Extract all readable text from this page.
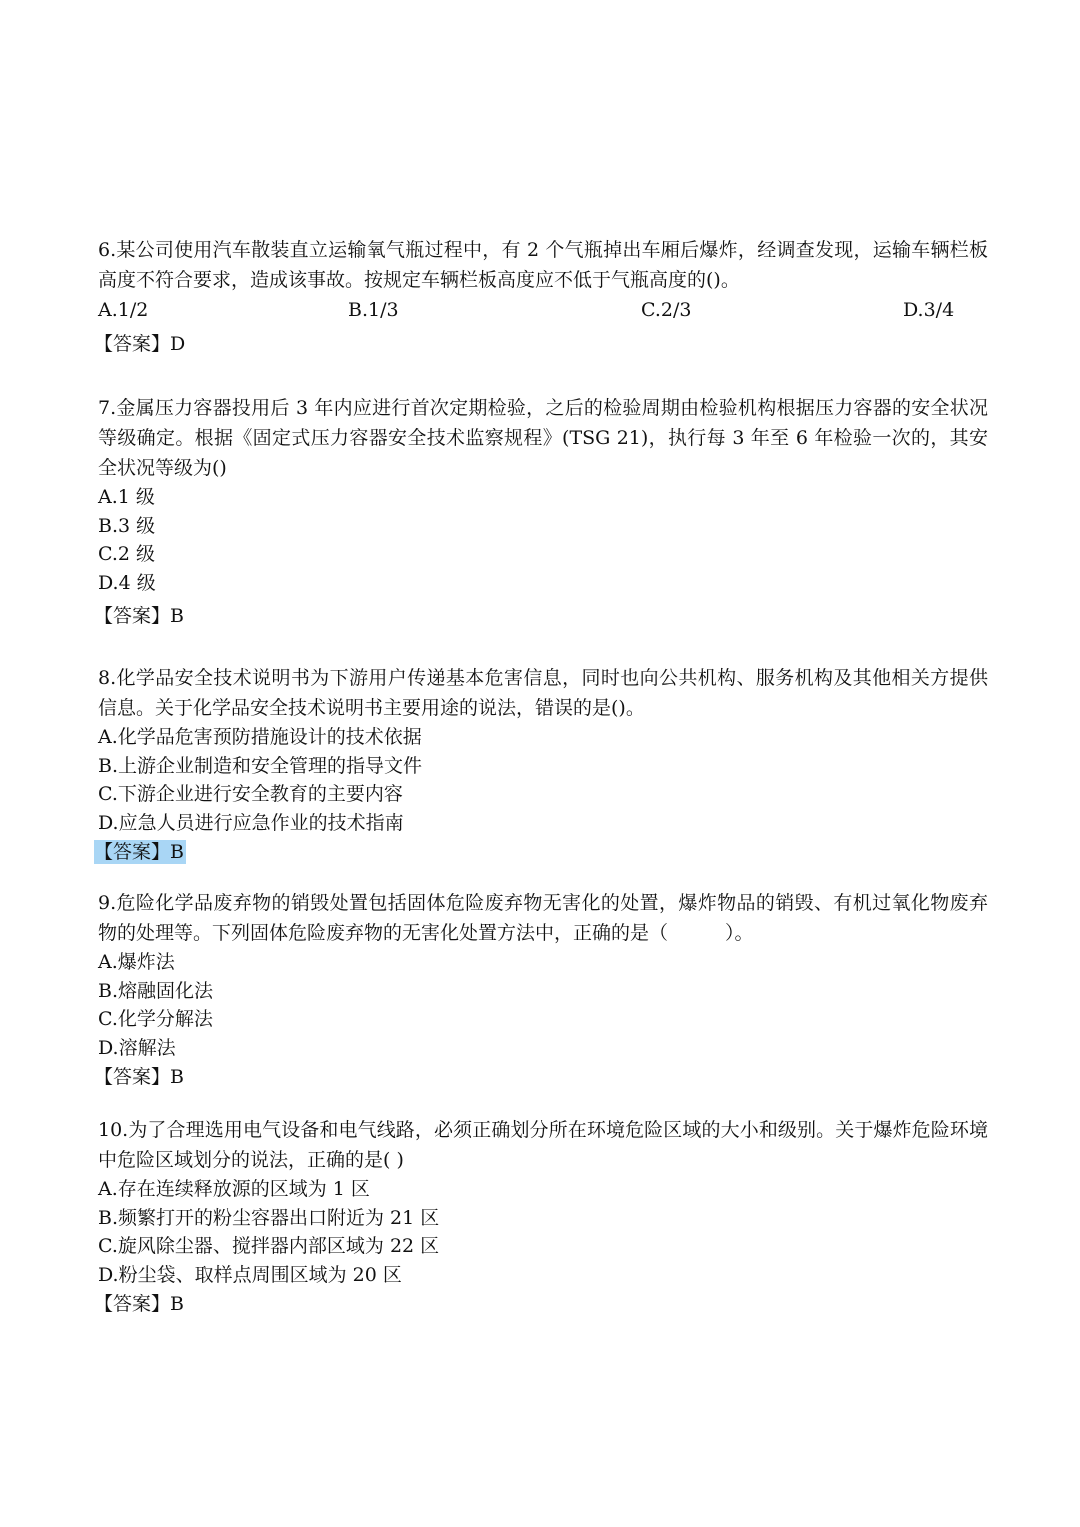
6.某公司使用汽车散装直立运输氧气瓶过程中，有 2 个气瓶掉出车厢后爆炸，经调查发现，运输车辆栏板高度不符合要求，造成该事故。按规定车辆栏板高度应不低于气瓶高度的()。

A.1/2	B.1/3	C.2/3	D.3/4

【答案】D

7.金属压力容器投用后 3 年内应进行首次定期检验，之后的检验周期由检验机构根据压力容器的安全状况等级确定。根据《固定式压力容器安全技术监察规程》(TSG 21)，执行每 3 年至 6 年检验一次的，其安全状况等级为()

A.1 级

B.3 级

C.2 级

D.4 级

【答案】B

8.化学品安全技术说明书为下游用户传递基本危害信息，同时也向公共机构、服务机构及其他相关方提供信息。关于化学品安全技术说明书主要用途的说法，错误的是()。

A.化学品危害预防措施设计的技术依据

B.上游企业制造和安全管理的指导文件

C.下游企业进行安全教育的主要内容

D.应急人员进行应急作业的技术指南

【答案】B

9.危险化学品废弃物的销毁处置包括固体危险废弃物无害化的处置，爆炸物品的销毁、有机过氧化物废弃物的处理等。下列固体危险废弃物的无害化处置方法中，正确的是（　　　）。

A.爆炸法

B.熔融固化法

C.化学分解法

D.溶解法

【答案】B

10.为了合理选用电气设备和电气线路，必须正确划分所在环境危险区域的大小和级别。关于爆炸危险环境中危险区域划分的说法，正确的是( )

A.存在连续释放源的区域为 1 区

B.频繁打开的粉尘容器出口附近为 21 区

C.旋风除尘器、搅拌器内部区域为 22 区

D.粉尘袋、取样点周围区域为 20 区

【答案】B
